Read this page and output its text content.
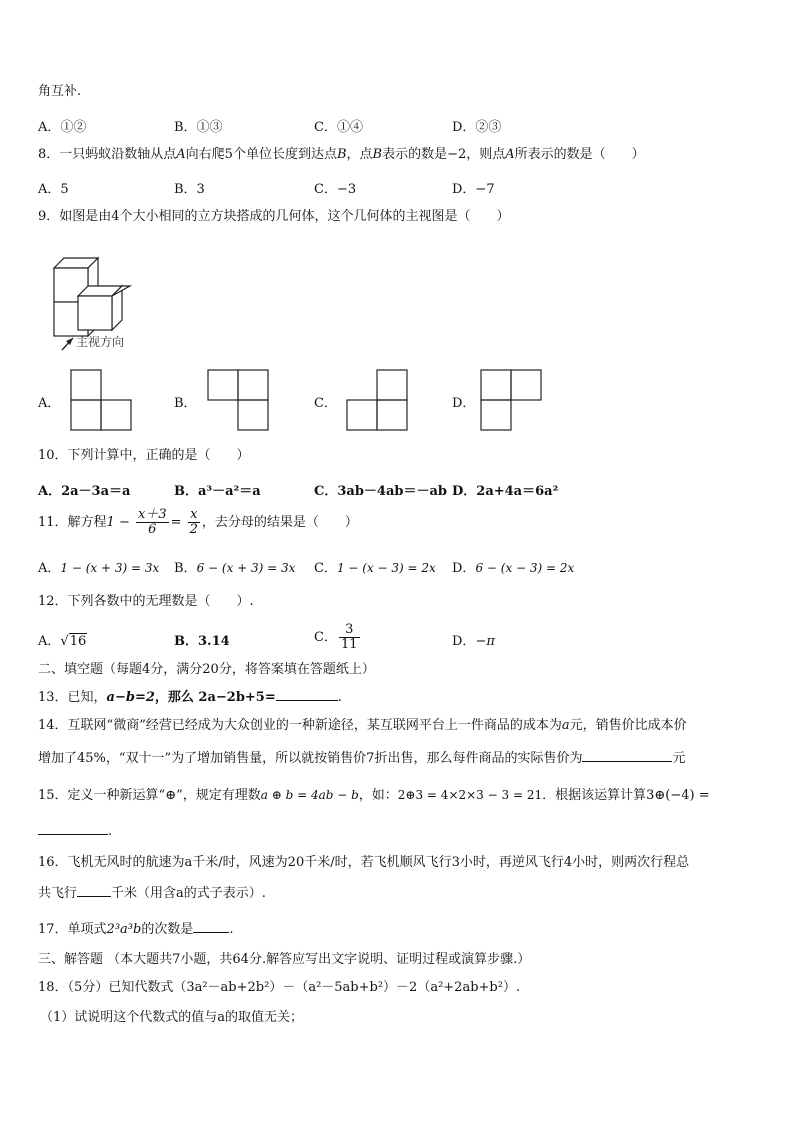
角互补.
A．①②	B．①③	C．①④	D．②③
8．一只蚂蚁沿数轴从点A向右爬5个单位长度到达点B，点B表示的数是−2，则点A所表示的数是（　　）
A．5	B．3	C．−3	D．−7
9．如图是由4个大小相同的立方块搭成的几何体，这个几何体的主视图是（　　）
主视方向
A．	B．	C．	D．
10．下列计算中，正确的是（　　）
A．2a－3a＝a	B．a³－a²＝a	C．3ab－4ab＝－ab D．2a+4a＝6a²
11．解方程$1 - \frac{x+3}{6} = \frac{x}{2}$ ，去分母的结果是（　　）
A．1 − (x + 3) = 3x B．6 − (x + 3) = 3x C．1 − (x − 3) = 2x D．6 − (x − 3) = 2x
12．下列各数中的无理数是（　　）.
A．√16	B．3.14	C． $\frac{3}{11}$	D．−π
二、填空题（每题4分，满分20分，将答案填在答题纸上）
13．已知，a−b=2，那么 2a−2b+5=	.
14．互联网“微商”经营已经成为大众创业的一种新途径，某互联网平台上一件商品的成本为a元，销售价比成本价
增加了45%，“双十一”为了增加销售量，所以就按销售价7折出售，那么每件商品的实际售价为	元
15．定义一种新运算“⊕”，规定有理数a ⊕ b = 4ab − b，如：2⊕3 = 4×2×3 − 3 = 21．根据该运算计算3⊕(−4) =
.
16．飞机无风时的航速为a千米/时，风速为20千米/时，若飞机顺风飞行3小时，再逆风飞行4小时，则两次行程总
共飞行	千米（用含a的式子表示）.
17．单项式2³a³b的次数是	.
三、解答题 （本大题共7小题，共64分.解答应写出文字说明、证明过程或演算步骤.）
18．（5分）已知代数式（3a²－ab+2b²）－（a²－5ab+b²）－2（a²+2ab+b²）.
（1）试说明这个代数式的值与a的取值无关；
